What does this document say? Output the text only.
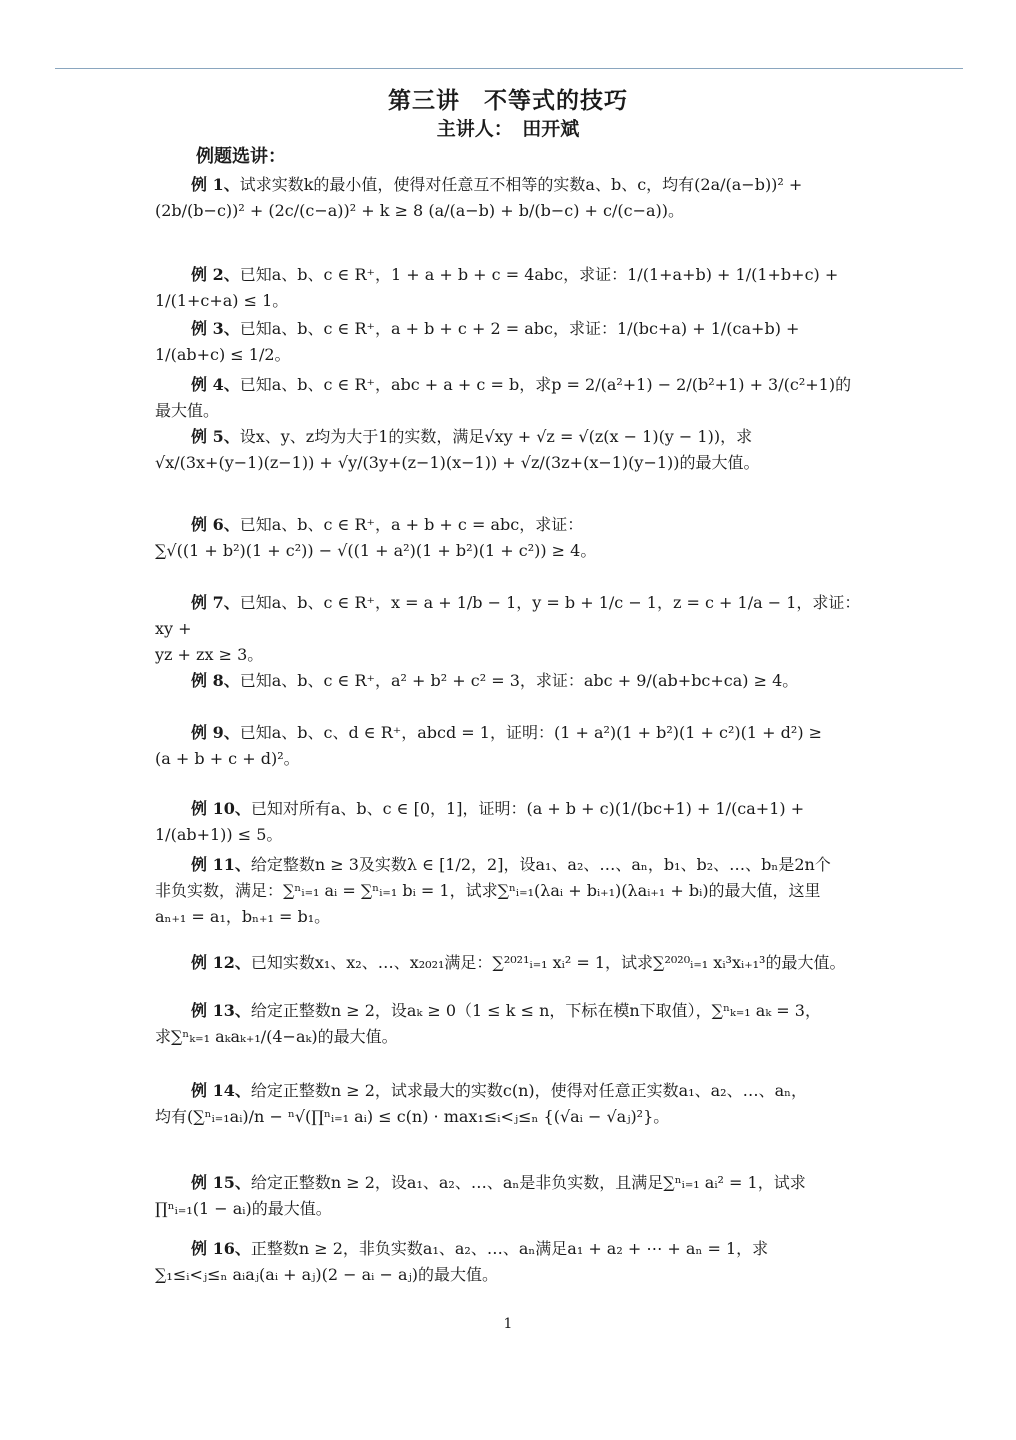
第三讲　不等式的技巧
主讲人：　田开斌
例题选讲：
例 1、试求实数k的最小值，使得对任意互不相等的实数a、b、c，均有(2a/(a−b))² +
(2b/(b−c))² + (2c/(c−a))² + k ≥ 8 (a/(a−b) + b/(b−c) + c/(c−a))。
例 2、已知a、b、c ∈ R⁺，1 + a + b + c = 4abc，求证：1/(1+a+b) + 1/(1+b+c) + 1/(1+c+a) ≤ 1。
例 3、已知a、b、c ∈ R⁺，a + b + c + 2 = abc，求证：1/(bc+a) + 1/(ca+b) + 1/(ab+c) ≤ 1/2。
例 4、已知a、b、c ∈ R⁺，abc + a + c = b，求p = 2/(a²+1) − 2/(b²+1) + 3/(c²+1)的最大值。
例 5、设x、y、z均为大于1的实数，满足√xy + √z = √(z(x − 1)(y − 1))，求
√x/(3x+(y−1)(z−1)) + √y/(3y+(z−1)(x−1)) + √z/(3z+(x−1)(y−1))的最大值。
例 6、已知a、b、c ∈ R⁺，a + b + c = abc，求证：
∑√((1 + b²)(1 + c²)) − √((1 + a²)(1 + b²)(1 + c²)) ≥ 4。
例 7、已知a、b、c ∈ R⁺，x = a + 1/b − 1，y = b + 1/c − 1，z = c + 1/a − 1，求证：xy +
yz + zx ≥ 3。
例 8、已知a、b、c ∈ R⁺，a² + b² + c² = 3，求证：abc + 9/(ab+bc+ca) ≥ 4。
例 9、已知a、b、c、d ∈ R⁺，abcd = 1，证明：(1 + a²)(1 + b²)(1 + c²)(1 + d²) ≥
(a + b + c + d)²。
例 10、已知对所有a、b、c ∈ [0，1]，证明：(a + b + c)(1/(bc+1) + 1/(ca+1) + 1/(ab+1)) ≤ 5。
例 11、给定整数n ≥ 3及实数λ ∈ [1/2，2]，设a₁、a₂、…、aₙ，b₁、b₂、…、bₙ是2n个
非负实数，满足：∑ⁿᵢ₌₁ aᵢ = ∑ⁿᵢ₌₁ bᵢ = 1，试求∑ⁿᵢ₌₁(λaᵢ + bᵢ₊₁)(λaᵢ₊₁ + bᵢ)的最大值，这里
aₙ₊₁ = a₁，bₙ₊₁ = b₁。
例 12、已知实数x₁、x₂、…、x₂₀₂₁满足：∑²⁰²¹ᵢ₌₁ xᵢ² = 1，试求∑²⁰²⁰ᵢ₌₁ xᵢ³xᵢ₊₁³的最大值。
例 13、给定正整数n ≥ 2，设aₖ ≥ 0（1 ≤ k ≤ n，下标在模n下取值），∑ⁿₖ₌₁ aₖ = 3，
求∑ⁿₖ₌₁ aₖaₖ₊₁/(4−aₖ)的最大值。
例 14、给定正整数n ≥ 2，试求最大的实数c(n)，使得对任意正实数a₁、a₂、…、aₙ，
均有(∑ⁿᵢ₌₁aᵢ)/n − ⁿ√(∏ⁿᵢ₌₁ aᵢ) ≤ c(n) · max₁≤ᵢ<ⱼ≤ₙ {(√aᵢ − √aⱼ)²}。
例 15、给定正整数n ≥ 2，设a₁、a₂、…、aₙ是非负实数，且满足∑ⁿᵢ₌₁ aᵢ² = 1，试求
∏ⁿᵢ₌₁(1 − aᵢ)的最大值。
例 16、正整数n ≥ 2，非负实数a₁、a₂、…、aₙ满足a₁ + a₂ + ⋯ + aₙ = 1，求
∑₁≤ᵢ<ⱼ≤ₙ aᵢaⱼ(aᵢ + aⱼ)(2 − aᵢ − aⱼ)的最大值。
1
